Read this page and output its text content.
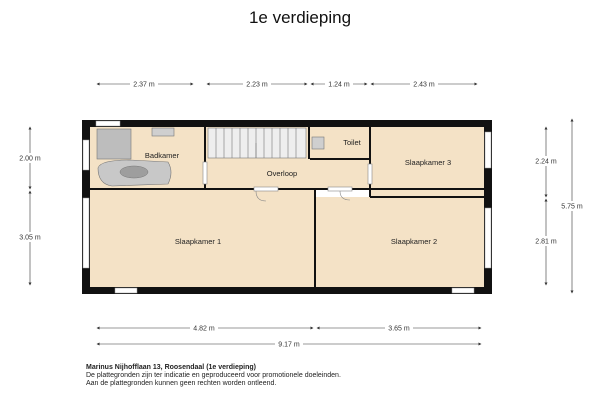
1e verdieping
2.37 m	2.23 m	1.24 m	2.43 m
2.00 m
3.05 m
2.24 m
2.81 m
5.75 m
4.82 m	3.65 m
9.17 m
Badkamer
Overloop
Toilet
Slaapkamer 3
Slaapkamer 1	Slaapkamer 2
Marinus Nijhofflaan 13, Roosendaal (1e verdieping)
De plattegronden zijn ter indicatie en geproduceerd voor promotionele doeleinden.
Aan de plattegronden kunnen geen rechten worden ontleend.
